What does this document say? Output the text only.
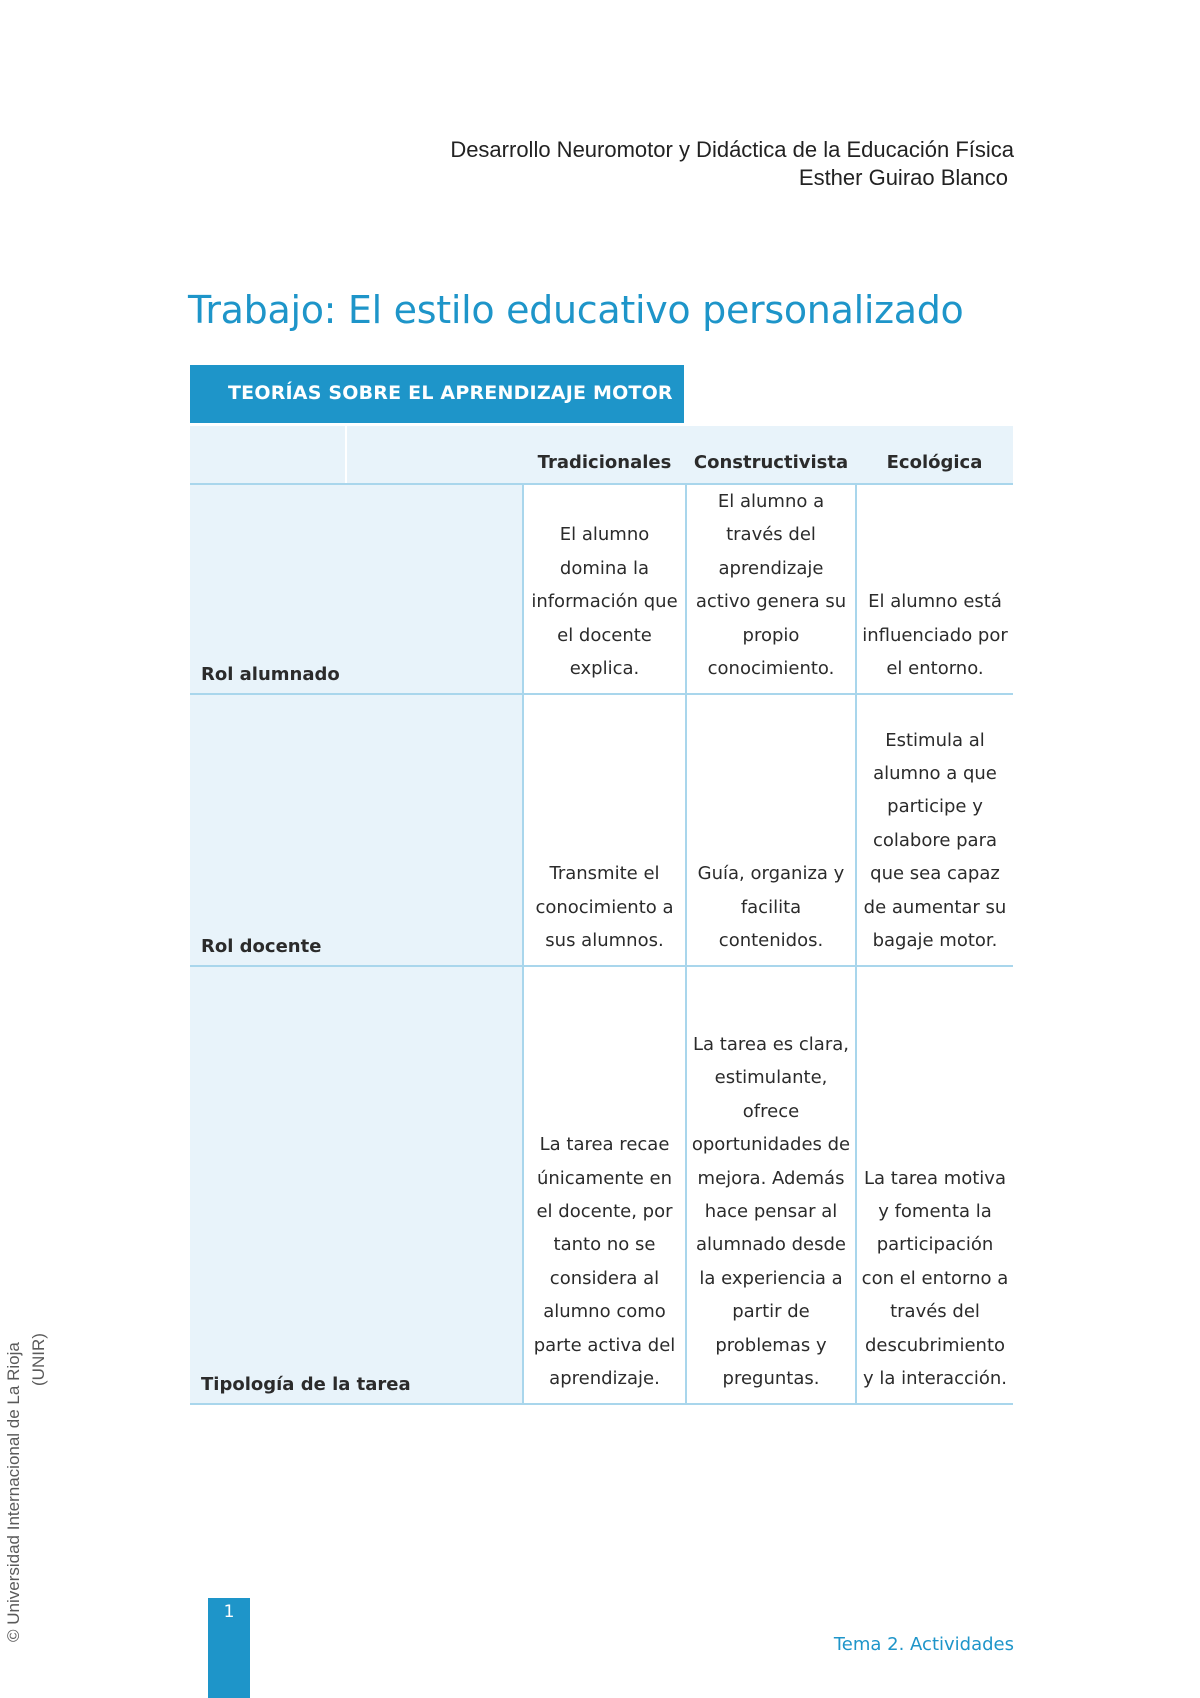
Desarrollo Neuromotor y Didáctica de la Educación Física
Esther Guirao Blanco
Trabajo: El estilo educativo personalizado
TEORÍAS SOBRE EL APRENDIZAJE MOTOR
		Tradicionales	Constructivista	Ecológica
Rol alumnado		El alumno domina la información que el docente explica.	El alumno a través del aprendizaje activo genera su propio conocimiento.	El alumno está influenciado por el entorno.
Rol docente		Transmite el conocimiento a sus alumnos.	Guía, organiza y facilita contenidos.	Estimula al alumno a que participe y colabore para que sea capaz de aumentar su bagaje motor.
Tipología de la tarea		La tarea recae únicamente en el docente, por tanto no se considera al alumno como parte activa del aprendizaje.	La tarea es clara, estimulante, ofrece oportunidades de mejora. Además hace pensar al alumnado desde la experiencia a partir de problemas y preguntas.	La tarea motiva y fomenta la participación con el entorno a través del descubrimiento y la interacción.
© Universidad Internacional de La Rioja (UNIR)
1
Tema 2. Actividades
